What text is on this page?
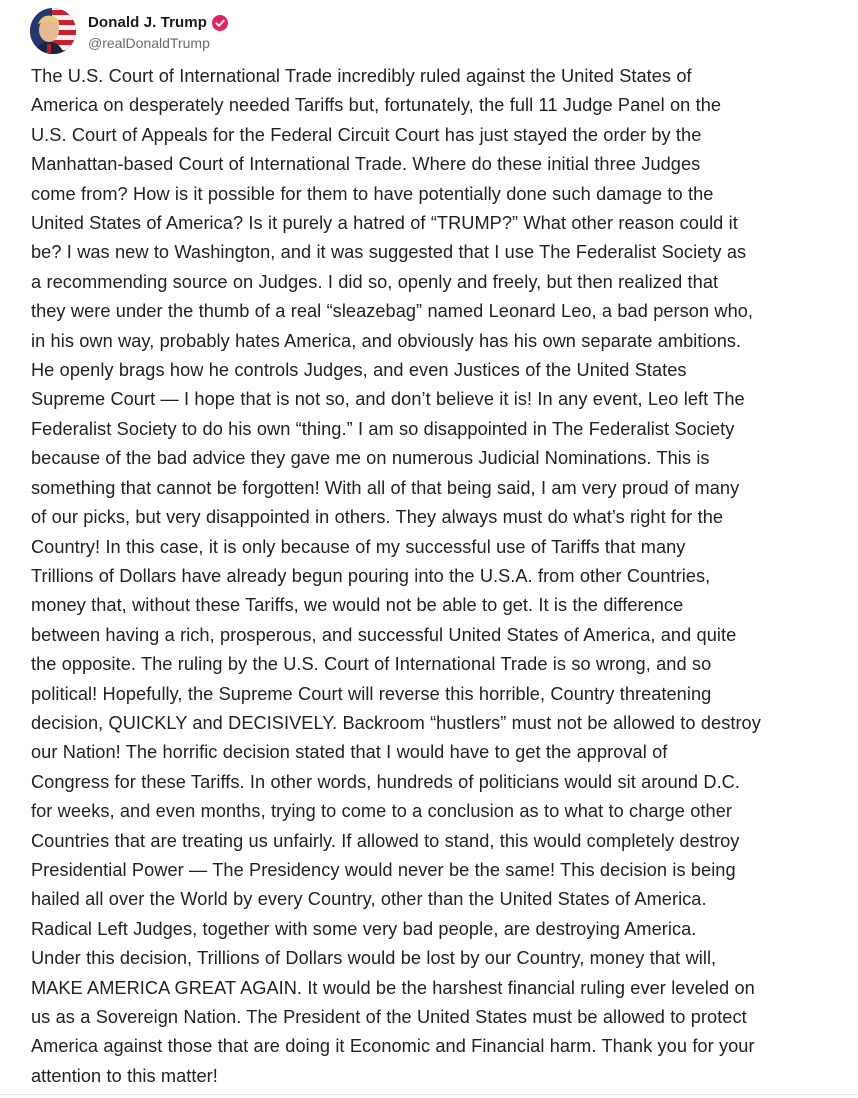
Donald J. Trump
@realDonaldTrump
The U.S. Court of International Trade incredibly ruled against the United States of
America on desperately needed Tariffs but, fortunately, the full 11 Judge Panel on the
U.S. Court of Appeals for the Federal Circuit Court has just stayed the order by the
Manhattan-based Court of International Trade. Where do these initial three Judges
come from? How is it possible for them to have potentially done such damage to the
United States of America? Is it purely a hatred of “TRUMP?” What other reason could it
be? I was new to Washington, and it was suggested that I use The Federalist Society as
a recommending source on Judges. I did so, openly and freely, but then realized that
they were under the thumb of a real “sleazebag” named Leonard Leo, a bad person who,
in his own way, probably hates America, and obviously has his own separate ambitions.
He openly brags how he controls Judges, and even Justices of the United States
Supreme Court — I hope that is not so, and don’t believe it is! In any event, Leo left The
Federalist Society to do his own “thing.” I am so disappointed in The Federalist Society
because of the bad advice they gave me on numerous Judicial Nominations. This is
something that cannot be forgotten! With all of that being said, I am very proud of many
of our picks, but very disappointed in others. They always must do what’s right for the
Country! In this case, it is only because of my successful use of Tariffs that many
Trillions of Dollars have already begun pouring into the U.S.A. from other Countries,
money that, without these Tariffs, we would not be able to get. It is the difference
between having a rich, prosperous, and successful United States of America, and quite
the opposite. The ruling by the U.S. Court of International Trade is so wrong, and so
political! Hopefully, the Supreme Court will reverse this horrible, Country threatening
decision, QUICKLY and DECISIVELY. Backroom “hustlers” must not be allowed to destroy
our Nation! The horrific decision stated that I would have to get the approval of
Congress for these Tariffs. In other words, hundreds of politicians would sit around D.C.
for weeks, and even months, trying to come to a conclusion as to what to charge other
Countries that are treating us unfairly. If allowed to stand, this would completely destroy
Presidential Power — The Presidency would never be the same! This decision is being
hailed all over the World by every Country, other than the United States of America.
Radical Left Judges, together with some very bad people, are destroying America.
Under this decision, Trillions of Dollars would be lost by our Country, money that will,
MAKE AMERICA GREAT AGAIN. It would be the harshest financial ruling ever leveled on
us as a Sovereign Nation. The President of the United States must be allowed to protect
America against those that are doing it Economic and Financial harm. Thank you for your
attention to this matter!
